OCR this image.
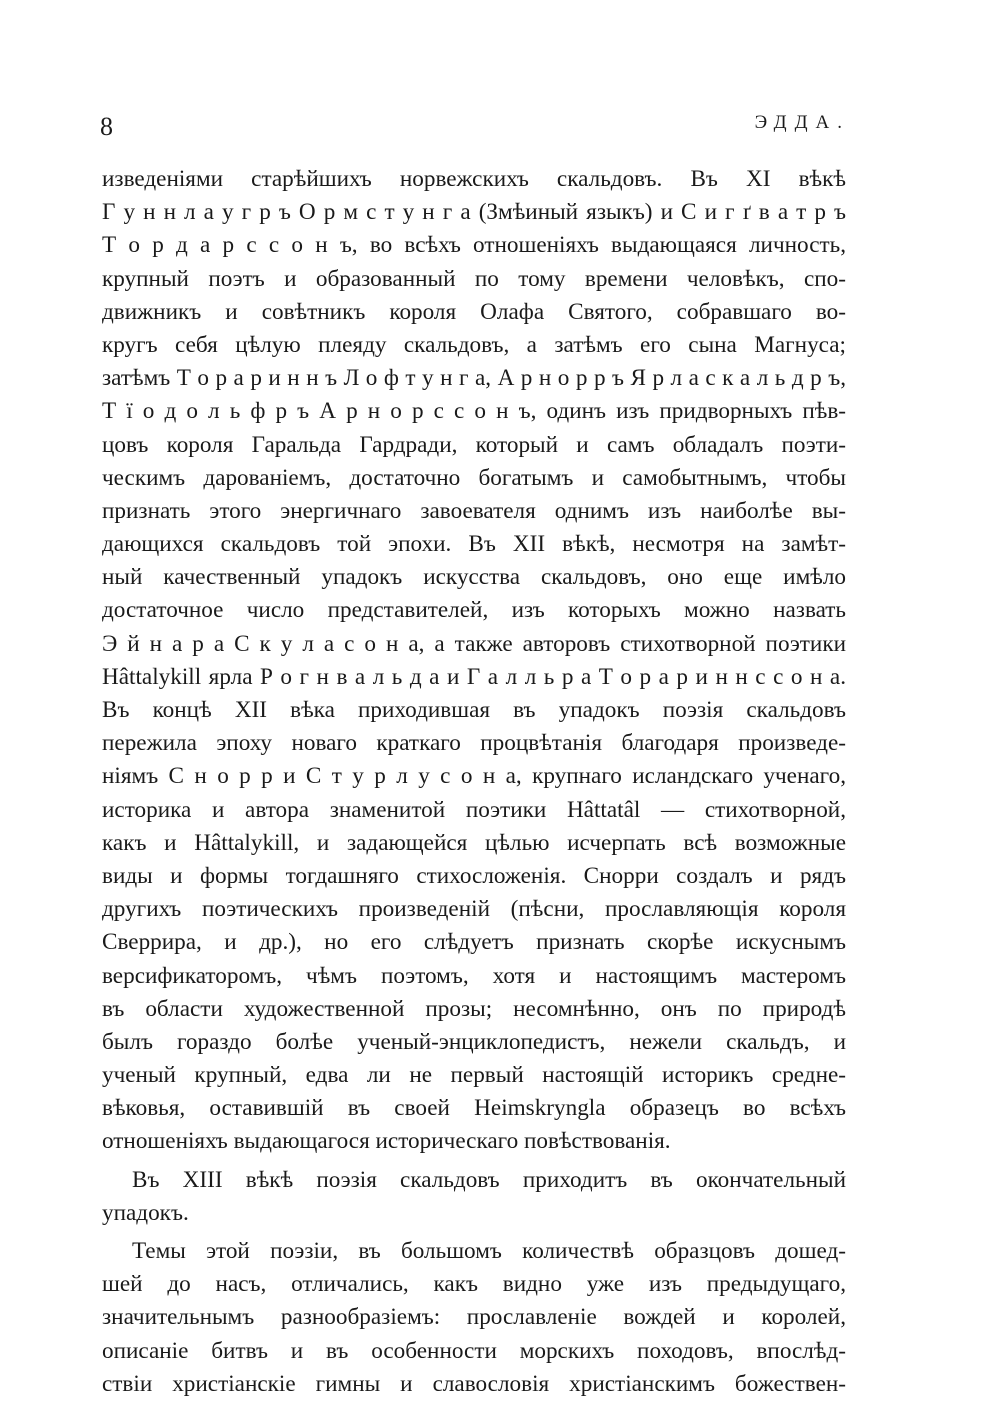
8	ЭДДА.
изведеніями старѣйшихъ норвежскихъ скальдовъ. Въ XI вѣкѣ
Г у н н л а у г р ъ О р м с т у н г а (Змѣиный языкъ) и С и г ґ в а т р ъ
Т о р д а р с с о н ъ, во всѣхъ отношеніяхъ выдающаяся личность,
крупный поэтъ и образованный по тому времени человѣкъ, спо-
движникъ и совѣтникъ короля Олафа Святого, собравшаго во-
кругъ себя цѣлую плеяду скальдовъ, а затѣмъ его сына Магнуса;
затѣмъ Т о р а р и н н ъ Л о ф т у н г а, А р н о р р ъ Я р л а с к а л ь д р ъ,
Т ї о д о л ь ф р ъ А р н о р с с о н ъ, одинъ изъ придворныхъ пѣв-
цовъ короля Гаральда Гардради, который и самъ обладалъ поэти-
ческимъ дарованіемъ, достаточно богатымъ и самобытнымъ, чтобы
признать этого энергичнаго завоевателя однимъ изъ наиболѣе вы-
дающихся скальдовъ той эпохи. Въ XII вѣкѣ, несмотря на замѣт-
ный качественный упадокъ искусства скальдовъ, оно еще имѣло
достаточное число представителей, изъ которыхъ можно назвать
Э й н а р а С к у л а с о н а, а также авторовъ стихотворной поэтики
Hâttalykill ярла Р о г н в а л ь д а и Г а л л ь р а Т о р а р и н н с с о н а.
Въ концѣ XII вѣка приходившая въ упадокъ поэзія скальдовъ
пережила эпоху новаго краткаго процвѣтанія благодаря произведе-
ніямъ С н о р р и С т у р л у с о н а, крупнаго исландскаго ученаго,
историка и автора знаменитой поэтики Hâttatâl — стихотворной,
какъ и Hâttalykill, и задающейся цѣлью исчерпать всѣ возможные
виды и формы тогдашняго стихосложенія. Снорри создалъ и рядъ
другихъ поэтическихъ произведеній (пѣсни, прославляющія короля
Сверрира, и др.), но его слѣдуетъ признать скорѣе искуснымъ
версификаторомъ, чѣмъ поэтомъ, хотя и настоящимъ мастеромъ
въ области художественной прозы; несомнѣнно, онъ по природѣ
былъ гораздо болѣе ученый-энциклопедистъ, нежели скальдъ, и
ученый крупный, едва ли не первый настоящій историкъ средне-
вѣковья, оставившій въ своей Heimskryngla образецъ во всѣхъ
отношеніяхъ выдающагося историческаго повѣствованія.
Въ XIII вѣкѣ поэзія скальдовъ приходитъ въ окончательный
упадокъ.
Темы этой поэзіи, въ большомъ количествѣ образцовъ дошед-
шей до насъ, отличались, какъ видно уже изъ предыдущаго,
значительнымъ разнообразіемъ: прославленіе вождей и королей,
описаніе битвъ и въ особенности морскихъ походовъ, впослѣд-
ствіи христіанскіе гимны и славословія христіанскимъ божествен-
